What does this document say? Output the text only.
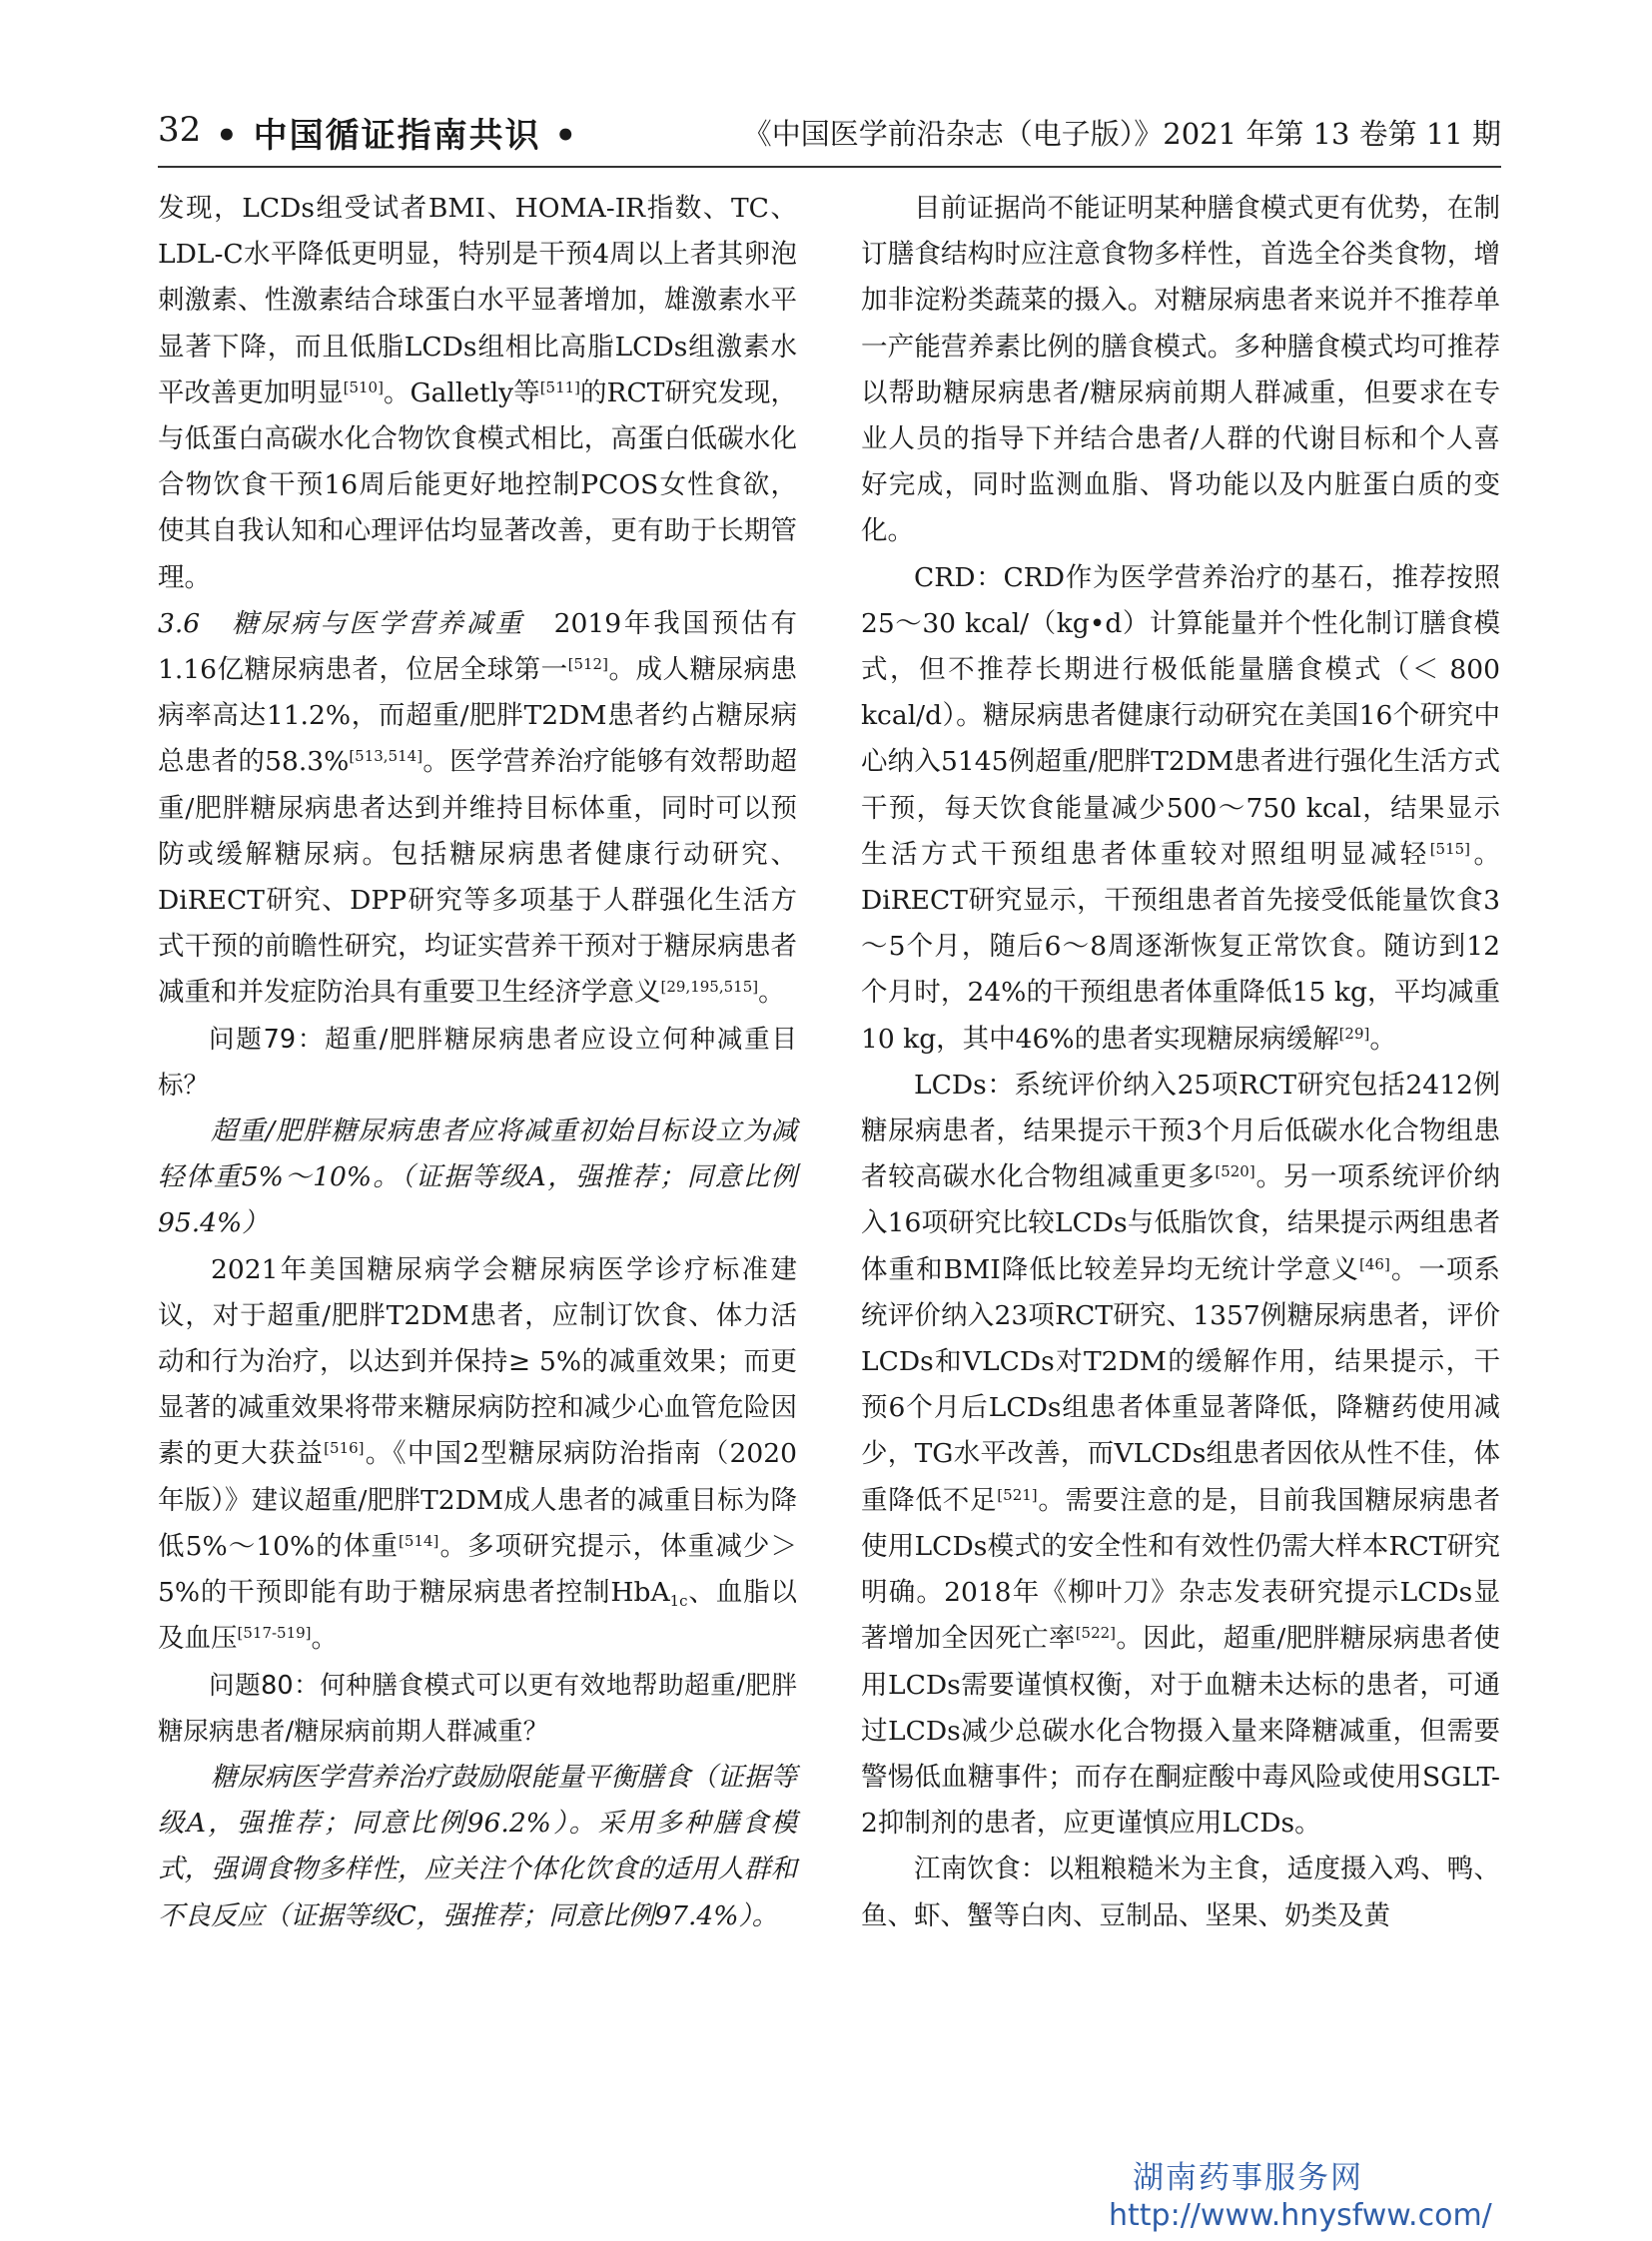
32 • 中国循证指南共识 •	《中国医学前沿杂志（电子版）》2021 年第 13 卷第 11 期

发现，LCDs组受试者BMI、HOMA-IR指数、TC、LDL-C水平降低更明显，特别是干预4周以上者其卵泡刺激素、性激素结合球蛋白水平显著增加，雄激素水平显著下降，而且低脂LCDs组相比高脂LCDs组激素水平改善更加明显[510]。Galletly等[511]的RCT研究发现，与低蛋白高碳水化合物饮食模式相比，高蛋白低碳水化合物饮食干预16周后能更好地控制PCOS女性食欲，使其自我认知和心理评估均显著改善，更有助于长期管理。

3.6　糖尿病与医学营养减重　2019年我国预估有1.16亿糖尿病患者，位居全球第一[512]。成人糖尿病患病率高达11.2%，而超重/肥胖T2DM患者约占糖尿病总患者的58.3%[513,514]。医学营养治疗能够有效帮助超重/肥胖糖尿病患者达到并维持目标体重，同时可以预防或缓解糖尿病。包括糖尿病患者健康行动研究、DiRECT研究、DPP研究等多项基于人群强化生活方式干预的前瞻性研究，均证实营养干预对于糖尿病患者减重和并发症防治具有重要卫生经济学意义[29,195,515]。

问题79：超重/肥胖糖尿病患者应设立何种减重目标？

超重/肥胖糖尿病患者应将减重初始目标设立为减轻体重5%～10%。（证据等级A，强推荐；同意比例95.4%）

2021年美国糖尿病学会糖尿病医学诊疗标准建议，对于超重/肥胖T2DM患者，应制订饮食、体力活动和行为治疗，以达到并保持≥ 5%的减重效果；而更显著的减重效果将带来糖尿病防控和减少心血管危险因素的更大获益[516]。《中国2型糖尿病防治指南（2020年版）》建议超重/肥胖T2DM成人患者的减重目标为降低5%～10%的体重[514]。多项研究提示，体重减少＞ 5%的干预即能有助于糖尿病患者控制HbA$_{1c}$、血脂以及血压[517-519]。

问题80：何种膳食模式可以更有效地帮助超重/肥胖糖尿病患者/糖尿病前期人群减重？

糖尿病医学营养治疗鼓励限能量平衡膳食（证据等级A，强推荐；同意比例96.2%）。采用多种膳食模式，强调食物多样性，应关注个体化饮食的适用人群和不良反应（证据等级C，强推荐；同意比例97.4%）。

目前证据尚不能证明某种膳食模式更有优势，在制订膳食结构时应注意食物多样性，首选全谷类食物，增加非淀粉类蔬菜的摄入。对糖尿病患者来说并不推荐单一产能营养素比例的膳食模式。多种膳食模式均可推荐以帮助糖尿病患者/糖尿病前期人群减重，但要求在专业人员的指导下并结合患者/人群的代谢目标和个人喜好完成，同时监测血脂、肾功能以及内脏蛋白质的变化。

CRD：CRD作为医学营养治疗的基石，推荐按照25～30 kcal/（kg•d）计算能量并个性化制订膳食模式，但不推荐长期进行极低能量膳食模式（＜ 800 kcal/d）。糖尿病患者健康行动研究在美国16个研究中心纳入5145例超重/肥胖T2DM患者进行强化生活方式干预，每天饮食能量减少500～750 kcal，结果显示生活方式干预组患者体重较对照组明显减轻[515]。DiRECT研究显示，干预组患者首先接受低能量饮食3～5个月，随后6～8周逐渐恢复正常饮食。随访到12个月时，24%的干预组患者体重降低15 kg，平均减重10 kg，其中46%的患者实现糖尿病缓解[29]。

LCDs：系统评价纳入25项RCT研究包括2412例糖尿病患者，结果提示干预3个月后低碳水化合物组患者较高碳水化合物组减重更多[520]。另一项系统评价纳入16项研究比较LCDs与低脂饮食，结果提示两组患者体重和BMI降低比较差异均无统计学意义[46]。一项系统评价纳入23项RCT研究、1357例糖尿病患者，评价LCDs和VLCDs对T2DM的缓解作用，结果提示，干预6个月后LCDs组患者体重显著降低，降糖药使用减少，TG水平改善，而VLCDs组患者因依从性不佳，体重降低不足[521]。需要注意的是，目前我国糖尿病患者使用LCDs模式的安全性和有效性仍需大样本RCT研究明确。2018年《柳叶刀》杂志发表研究提示LCDs显著增加全因死亡率[522]。因此，超重/肥胖糖尿病患者使用LCDs需要谨慎权衡，对于血糖未达标的患者，可通过LCDs减少总碳水化合物摄入量来降糖减重，但需要警惕低血糖事件；而存在酮症酸中毒风险或使用SGLT-2抑制剂的患者，应更谨慎应用LCDs。

江南饮食：以粗粮糙米为主食，适度摄入鸡、鸭、鱼、虾、蟹等白肉、豆制品、坚果、奶类及黄

湖南药事服务网
http://www.hnysfww.com/
